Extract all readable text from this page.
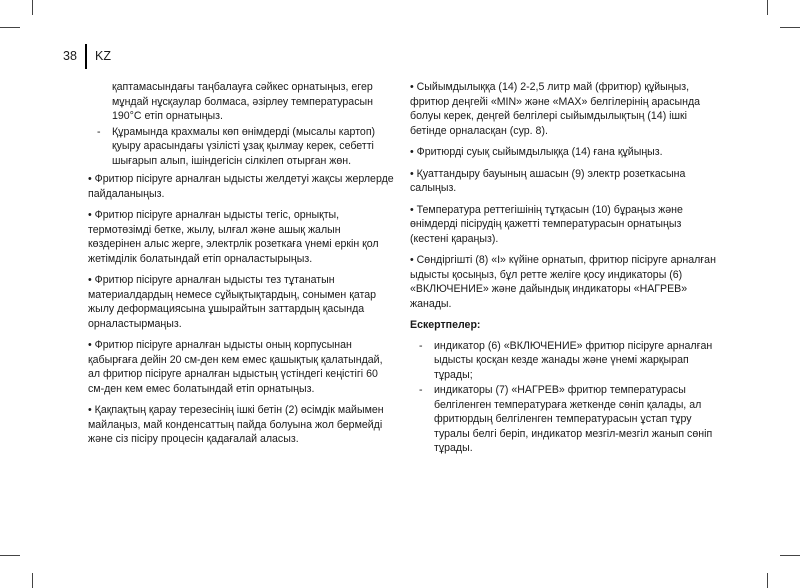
38 KZ

қаптамасындағы таңбалауға сәйкес орнатыңыз, егер мұндай нұсқаулар болмаса, әзірлеу температурасын 190°C етіп орнатыңыз.

- Құрамында крахмалы көп өнімдерді (мысалы картоп) қуыру арасындағы үзілісті ұзақ қылмау керек, себетті шығарып алып, ішіндегісін сілкілеп отырған жөн.

• Фритюр пісіруге арналған ыдысты желдетуі жақсы жерлерде пайдаланыңыз.

• Фритюр пісіруге арналған ыдысты тегіс, орнықты, термотөзімді бетке, жылу, ылғал және ашық жалын көздерінен алыс жерге, электрлік розеткаға үнемі еркін қол жетімділік болатындай етіп орналастырыңыз.

• Фритюр пісіруге арналған ыдысты тез тұтанатын материалдардың немесе сұйықтықтардың, сонымен қатар жылу деформациясына ұшырайтын заттардың қасында орналастырмаңыз.

• Фритюр пісіруге арналған ыдысты оның корпусынан қабырғаға дейін 20 см-ден кем емес қашықтық қалатындай, ал фритюр пісіруге арналған ыдыстың үстіндегі кеңістігі 60 см-ден кем емес болатындай етіп орнатыңыз.

• Қақпақтың қарау терезесінің ішкі бетін (2) өсімдік майымен майлаңыз, май конденсаттың пайда болуына жол бермейді және сіз пісіру процесін қадағалай аласыз.

• Сыйымдылыққа (14) 2-2,5 литр май (фритюр) құйыңыз, фритюр деңгейі «MIN» және «MAX» белгілерінің арасында болуы керек, деңгей белгілері сыйымдылықтың (14) ішкі бетінде орналасқан (сур. 8).

• Фритюрді суық сыйымдылыққа (14) ғана құйыңыз.

• Қуаттандыру бауының ашасын (9) электр розеткасына салыңыз.

• Температура реттегішінің тұтқасын (10) бұраңыз және өнімдерді пісірудің қажетті температурасын орнатыңыз (кестені қараңыз).

• Сөндіргішті (8) «I» күйіне орнатып, фритюр пісіруге арналған ыдысты қосыңыз, бұл ретте желіге қосу индикаторы (6) «ВКЛЮЧЕНИЕ» және дайындық индикаторы «НАГРЕВ» жанады.

Ескертпелер:

- индикатор (6) «ВКЛЮЧЕНИЕ» фритюр пісіруге арналған ыдысты қосқан кезде жанады және үнемі жарқырап тұрады;
- индикаторы (7) «НАГРЕВ» фритюр температурасы белгіленген температураға жеткенде сөніп қалады, ал фритюрдың белгіленген температурасын ұстап тұру туралы белгі беріп, индикатор мезгіл-мезгіл жанып сөніп тұрады.
